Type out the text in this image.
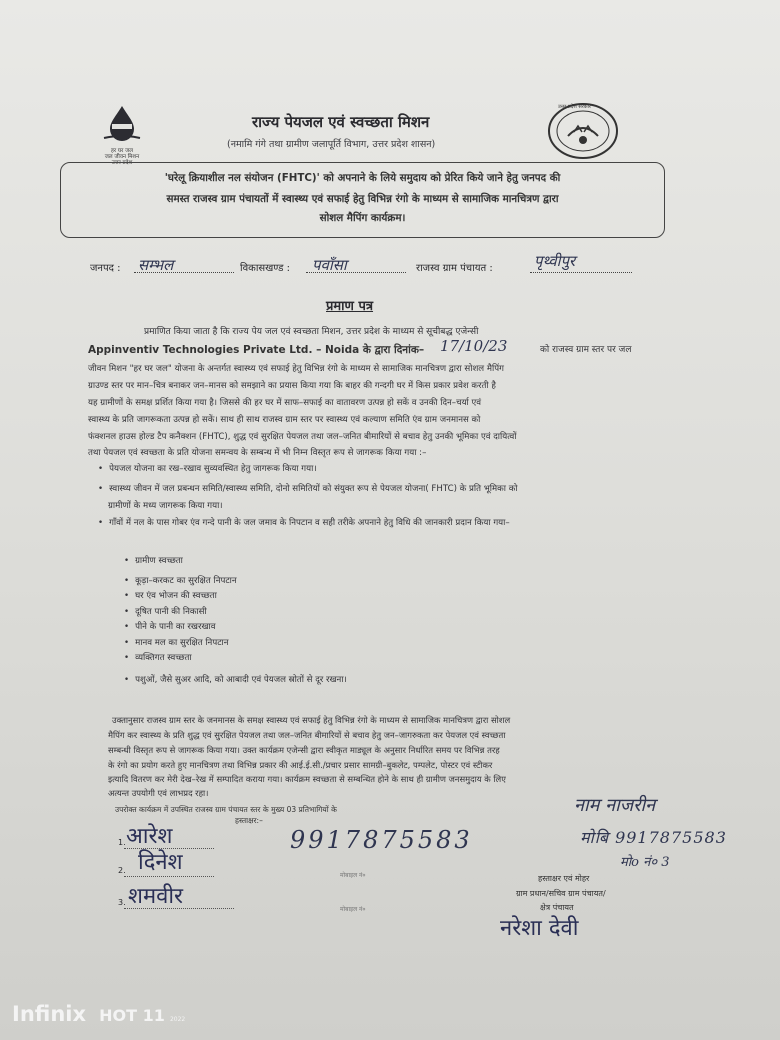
हर घर जल
जल जीवन मिशन
उत्तर प्रदेश
राज्य पेयजल एवं स्वच्छता मिशन
(नमामि गंगे तथा ग्रामीण जलापूर्ति विभाग, उत्तर प्रदेश शासन)
उत्तर प्रदेश सरकार
'घरेलू क्रियाशील नल संयोजन (FHTC)' को अपनाने के लिये समुदाय को प्रेरित किये जाने हेतु जनपद की
समस्त राजस्व ग्राम पंचायतों में स्वास्थ्य एवं सफाई हेतु विभिन्न रंगो के माध्यम से सामाजिक मानचित्रण द्वारा
सोशल मैपिंग कार्यक्रम।
जनपद : सम्भल	विकासखण्ड : पवाँसा	राजस्व ग्राम पंचायत :	पृथ्वीपुर
प्रमाण पत्र
प्रमाणित किया जाता है कि राज्य पेय जल एवं स्वच्छता मिशन, उत्तर प्रदेश के माध्यम से सूचीबद्ध एजेन्सी
Appinventiv Technologies Private Ltd. – Noida के द्वारा दिनांक– 17/10/23	को राजस्व ग्राम स्तर पर जल
जीवन मिशन "हर घर जल" योजना के अन्तर्गत स्वास्थ्य एवं सफाई हेतु विभिन्न रंगो के माध्यम से सामाजिक मानचित्रण द्वारा सोशल मैपिंग
ग्राउण्ड स्तर पर मान–चित्र बनाकर जन–मानस को समझाने का प्रयास किया गया कि बाहर की गन्दगी घर में किस प्रकार प्रवेश करती है
यह ग्रामीणों के समक्ष प्रर्शित किया गया है। जिससे की हर घर में साफ–सफाई का वातावरण उत्पन्न हो सकें व उनकी दिन–चर्या एवं
स्वास्थ्य के प्रति जागरूकता उत्पन्न हो सकें। साथ ही साथ राजस्व ग्राम स्तर पर स्वास्थ्य एवं कल्याण समिति एंव ग्राम जनमानस को
फंक्शनल हाउस होल्ड टैप कनैक्शन (FHTC), शुद्ध एवं सुरक्षित पेयजल तथा जल–जनित बीमारियों से बचाव हेतु उनकी भूमिका एवं दायित्वों
तथा पेयजल एवं स्वच्छता के प्रति योजना समन्वय के सम्बन्ध में भी निम्न विस्तृत रूप से जागरूक किया गया :–
• पेयजल योजना का रख–रखाव सुव्यवस्थित हेतु जागरूक किया गया।
• स्वास्थ्य जीवन में जल प्रबन्धन समिति/स्वास्थ्य समिति, दोनो समितियों को संयुक्त रूप से पेयजल योजना( FHTC) के प्रति भूमिका को
ग्रामीणों के मध्य जागरूक किया गया।
• गाँवों में नल के पास गोबर एंव गन्दे पानी के जल जमाव के निपटान व सही तरीके अपनाने हेतु विधि की जानकारी प्रदान किया गया–
• ग्रामीण स्वच्छता
• कूड़ा–करकट का सुरक्षित निपटान
• घर एंव भोजन की स्वच्छता
• दूषित पानी की निकासी
• पीने के पानी का रखरखाव
• मानव मल का सुरक्षित निपटान
• व्यक्तिगत स्वच्छता
• पशुओं, जैसे सुअर आदि, को आबादी एवं पेयजल स्रोतों से दूर रखना।
उक्तानुसार राजस्व ग्राम स्तर के जनमानस के समक्ष स्वास्थ्य एवं सफाई हेतु विभिन्न रंगो के माध्यम से सामाजिक मानचित्रण द्वारा सोशल
मैपिंग कर स्वास्थ्य के प्रति शुद्ध एवं सुरक्षित पेयजल तथा जल–जनित बीमारियों से बचाव हेतु जन–जागरुकता कर पेयजल एवं स्वच्छता
सम्बन्धी विस्तृत रूप से जागरूक किया गया। उक्त कार्यक्रम एजेन्सी द्वारा स्वीकृत माड्यूल के अनुसार निर्धारित समय पर विभिन्न तरह
के रंगो का प्रयोग करते हुए मानचित्रण तथा विभिन्न प्रकार की आई.ई.सी./प्रचार प्रसार सामग्री–बुकलेट, पम्पलेट, पोस्टर एवं स्टीकर
इत्यादि वितरण कर मेरी देख–रेख में सम्पादित कराया गया। कार्यक्रम स्वच्छता से सम्बन्धित होने के साथ ही ग्रामीण जनसमुदाय के लिए
अत्यन्त उपयोगी एवं लाभप्रद रहा।
उपरोक्त कार्यक्रम में उपस्थित राजस्व ग्राम पंचायत स्तर के मुख्य 03 प्रतिभागियों के
हस्ताक्षर:–
1. आरेश	9917875583
2. दिनेश
मोबाइल नं०
3. शमवीर
मोबाइल नं०
नाम नाजरीन
मोबि 9917875583
मोo नं० 3
हस्ताक्षर एवं मोहर
ग्राम प्रधान/सचिव ग्राम पंचायत/
क्षेत्र पंचायत
नरेशा देवी
Infinix HOT 11 2022
